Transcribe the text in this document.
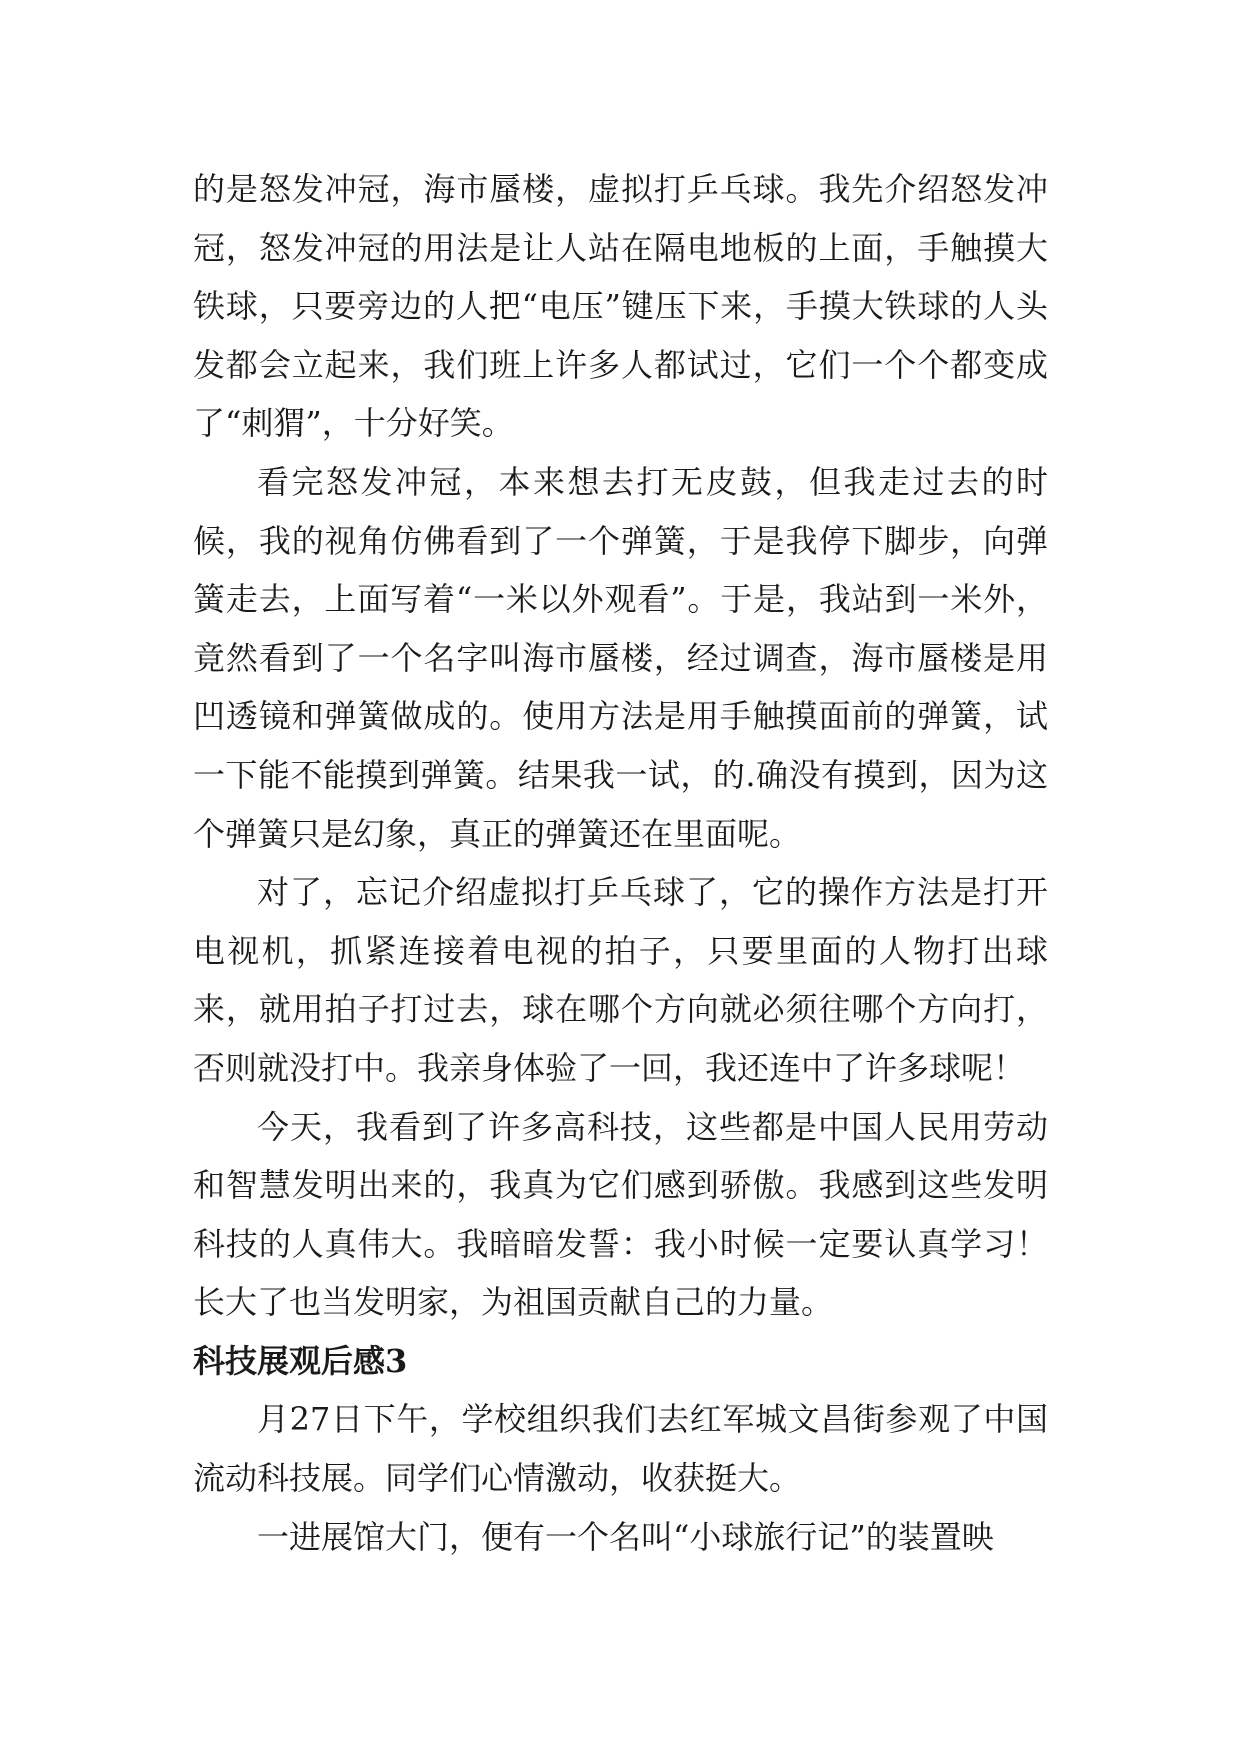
的是怒发冲冠，海市蜃楼，虚拟打乒乓球。我先介绍怒发冲冠，怒发冲冠的用法是让人站在隔电地板的上面，手触摸大铁球，只要旁边的人把“电压”键压下来，手摸大铁球的人头发都会立起来，我们班上许多人都试过，它们一个个都变成了“刺猬”，十分好笑。

看完怒发冲冠，本来想去打无皮鼓，但我走过去的时候，我的视角仿佛看到了一个弹簧，于是我停下脚步，向弹簧走去，上面写着“一米以外观看”。于是，我站到一米外，竟然看到了一个名字叫海市蜃楼，经过调查，海市蜃楼是用凹透镜和弹簧做成的。使用方法是用手触摸面前的弹簧，试一下能不能摸到弹簧。结果我一试，的.确没有摸到，因为这个弹簧只是幻象，真正的弹簧还在里面呢。

对了，忘记介绍虚拟打乒乓球了，它的操作方法是打开电视机，抓紧连接着电视的拍子，只要里面的人物打出球来，就用拍子打过去，球在哪个方向就必须往哪个方向打，否则就没打中。我亲身体验了一回，我还连中了许多球呢！

今天，我看到了许多高科技，这些都是中国人民用劳动和智慧发明出来的，我真为它们感到骄傲。我感到这些发明科技的人真伟大。我暗暗发誓：我小时候一定要认真学习！长大了也当发明家，为祖国贡献自己的力量。

科技展观后感3

月27日下午，学校组织我们去红军城文昌街参观了中国流动科技展。同学们心情激动，收获挺大。

一进展馆大门，便有一个名叫“小球旅行记”的装置映
